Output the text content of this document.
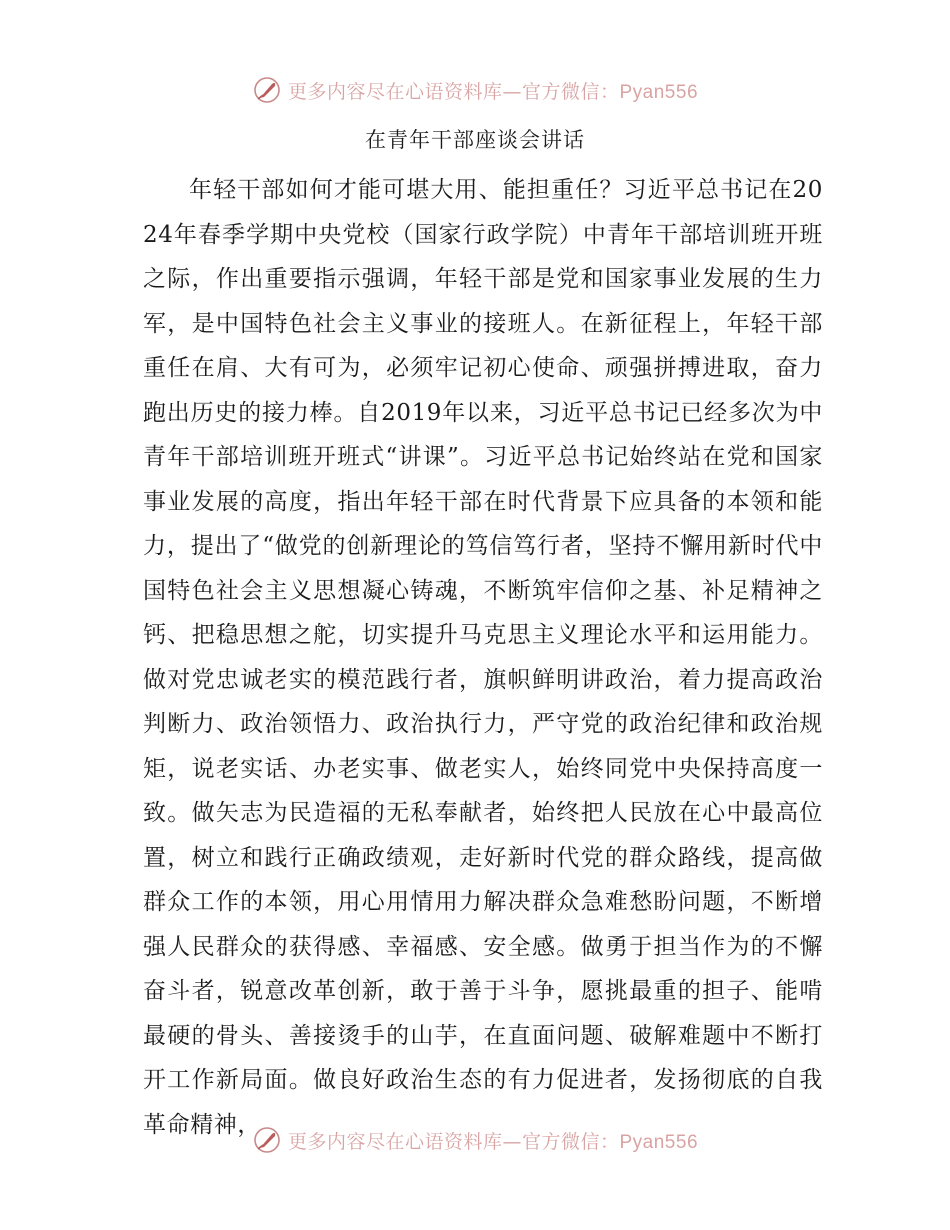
更多内容尽在心语资料库—官方微信：Pyan556
在青年干部座谈会讲话

年轻干部如何才能可堪大用、能担重任？习近平总书记在2024年春季学期中央党校（国家行政学院）中青年干部培训班开班之际，作出重要指示强调，年轻干部是党和国家事业发展的生力军，是中国特色社会主义事业的接班人。在新征程上，年轻干部重任在肩、大有可为，必须牢记初心使命、顽强拼搏进取，奋力跑出历史的接力棒。自2019年以来，习近平总书记已经多次为中青年干部培训班开班式“讲课”。习近平总书记始终站在党和国家事业发展的高度，指出年轻干部在时代背景下应具备的本领和能力，提出了“做党的创新理论的笃信笃行者，坚持不懈用新时代中国特色社会主义思想凝心铸魂，不断筑牢信仰之基、补足精神之钙、把稳思想之舵，切实提升马克思主义理论水平和运用能力。做对党忠诚老实的模范践行者，旗帜鲜明讲政治，着力提高政治判断力、政治领悟力、政治执行力，严守党的政治纪律和政治规矩，说老实话、办老实事、做老实人，始终同党中央保持高度一致。做矢志为民造福的无私奉献者，始终把人民放在心中最高位置，树立和践行正确政绩观，走好新时代党的群众路线，提高做群众工作的本领，用心用情用力解决群众急难愁盼问题，不断增强人民群众的获得感、幸福感、安全感。做勇于担当作为的不懈奋斗者，锐意改革创新，敢于善于斗争，愿挑最重的担子、能啃最硬的骨头、善接烫手的山芋，在直面问题、破解难题中不断打开工作新局面。做良好政治生态的有力促进者，发扬彻底的自我革命精神，

更多内容尽在心语资料库—官方微信：Pyan556
